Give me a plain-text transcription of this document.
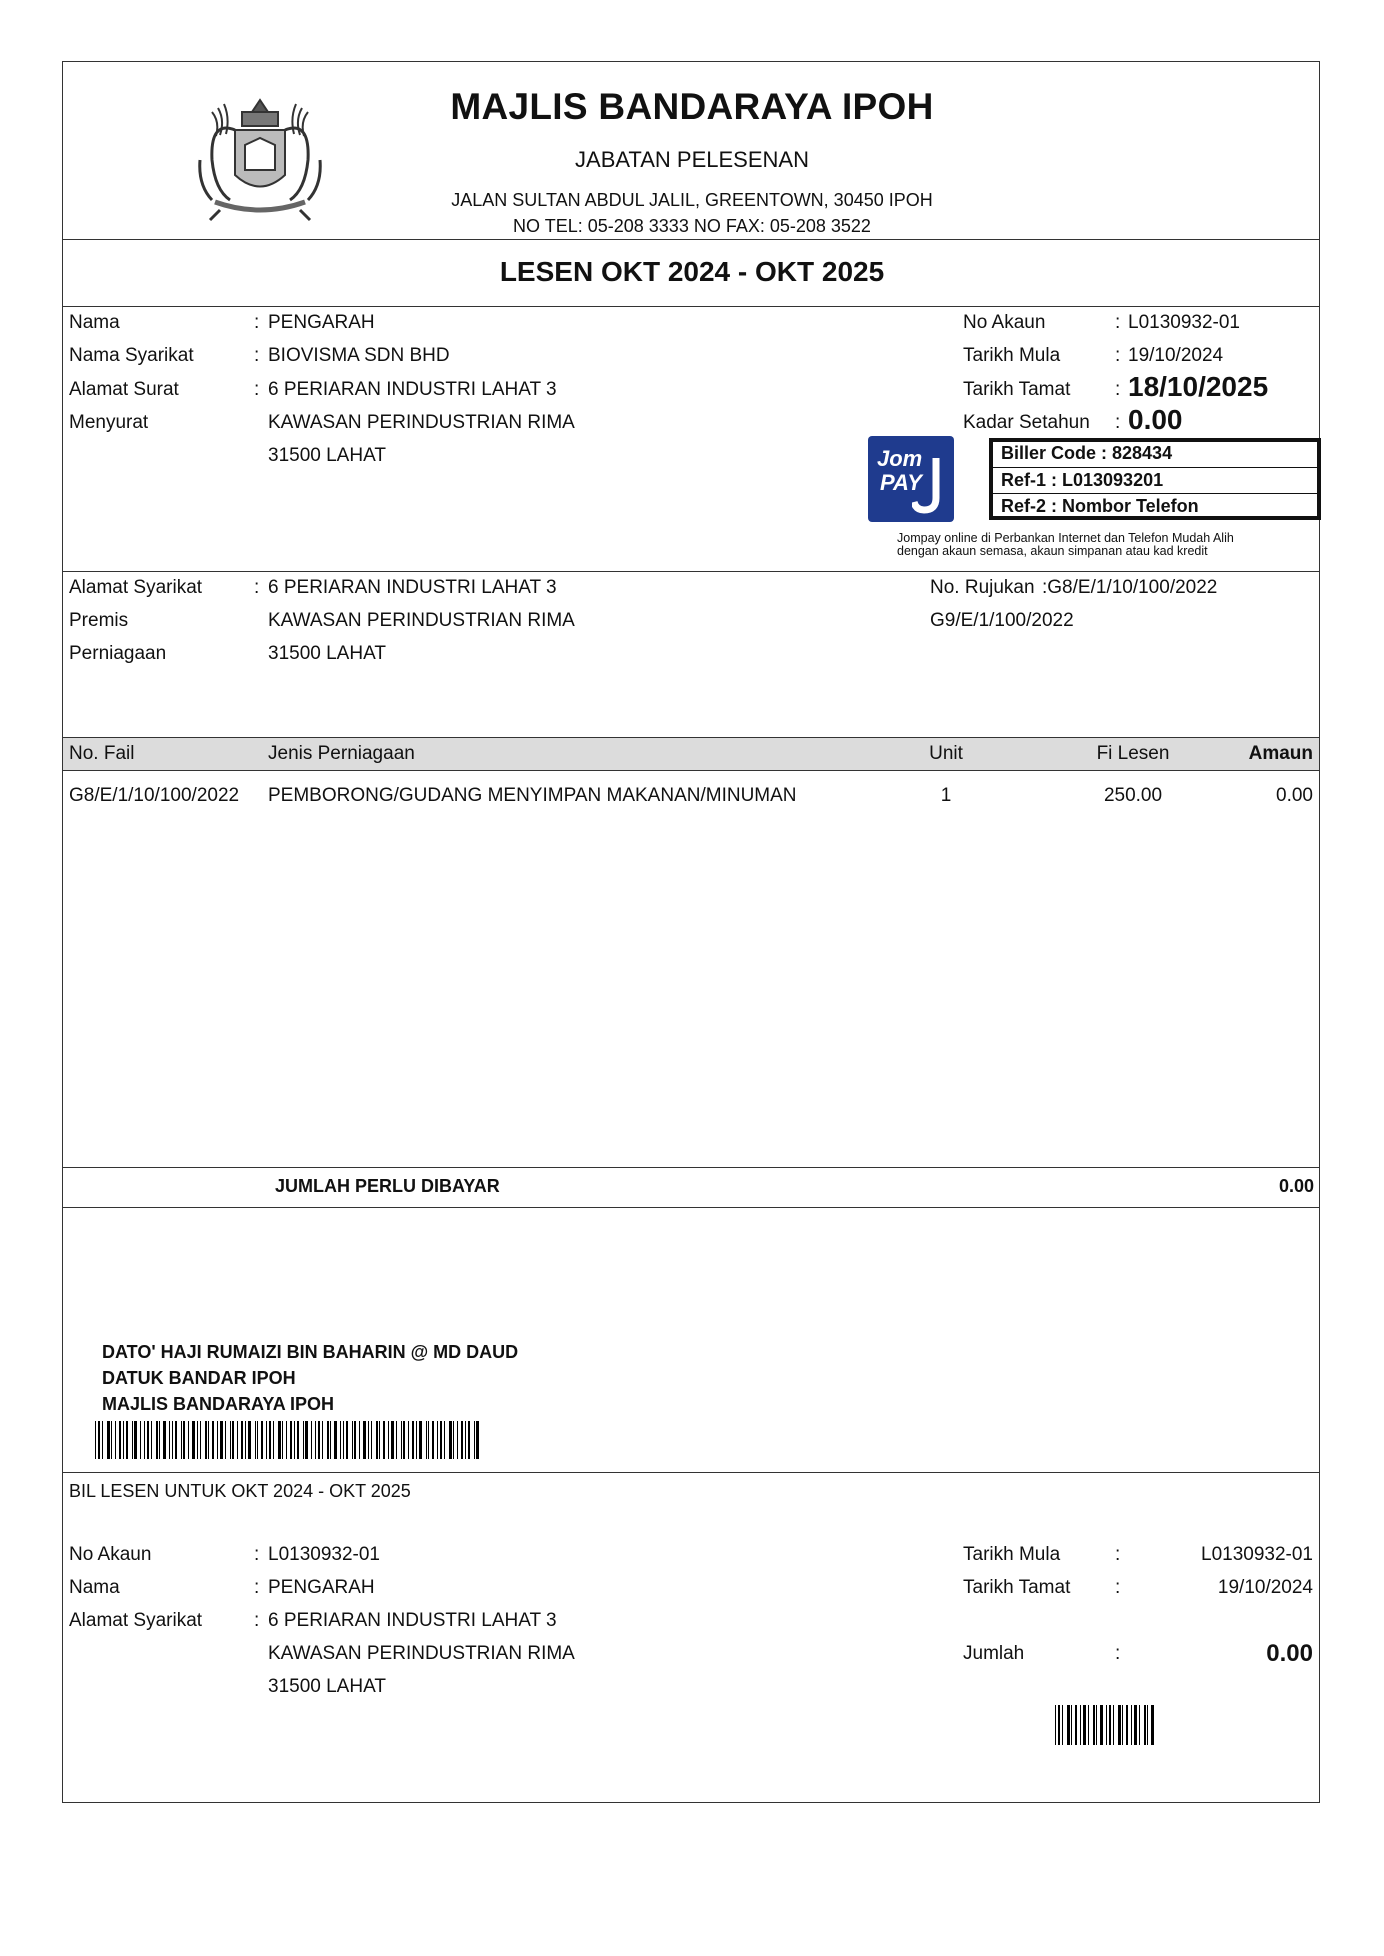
MAJLIS BANDARAYA IPOH
JABATAN PELESENAN
JALAN SULTAN ABDUL JALIL, GREENTOWN, 30450 IPOH
NO TEL: 05-208 3333 NO FAX: 05-208 3522
LESEN OKT 2024 - OKT 2025
Nama	: PENGARAH
Nama Syarikat	: BIOVISMA SDN BHD
Alamat Surat	: 6 PERIARAN INDUSTRI LAHAT 3
Menyurat	KAWASAN PERINDUSTRIAN RIMA
31500 LAHAT
No Akaun	: L0130932-01
Tarikh Mula	: 19/10/2024
Tarikh Tamat : 18/10/2025
Kadar Setahun : 0.00
Jom
PAY
Biller Code : 828434
Ref-1 : L013093201
Ref-2 : Nombor Telefon
Jompay online di Perbankan Internet dan Telefon Mudah Alih
dengan akaun semasa, akaun simpanan atau kad kredit
Alamat Syarikat	: 6 PERIARAN INDUSTRI LAHAT 3
Premis	KAWASAN PERINDUSTRIAN RIMA
Perniagaan	31500 LAHAT
No. Rujukan :G8/E/1/10/100/2022
G9/E/1/100/2022
No. Fail	Jenis Perniagaan	Unit	Fi Lesen	Amaun
G8/E/1/10/100/2022 PEMBORONG/GUDANG MENYIMPAN MAKANAN/MINUMAN	1	250.00	0.00
JUMLAH PERLU DIBAYAR	0.00
DATO' HAJI RUMAIZI BIN BAHARIN @ MD DAUD
DATUK BANDAR IPOH
MAJLIS BANDARAYA IPOH
BIL LESEN UNTUK OKT 2024 - OKT 2025
No Akaun	: L0130932-01
Nama	: PENGARAH
Alamat Syarikat	: 6 PERIARAN INDUSTRI LAHAT 3
KAWASAN PERINDUSTRIAN RIMA
31500 LAHAT
Tarikh Mula	:	L0130932-01
Tarikh Tamat :	19/10/2024
Jumlah	:	0.00
